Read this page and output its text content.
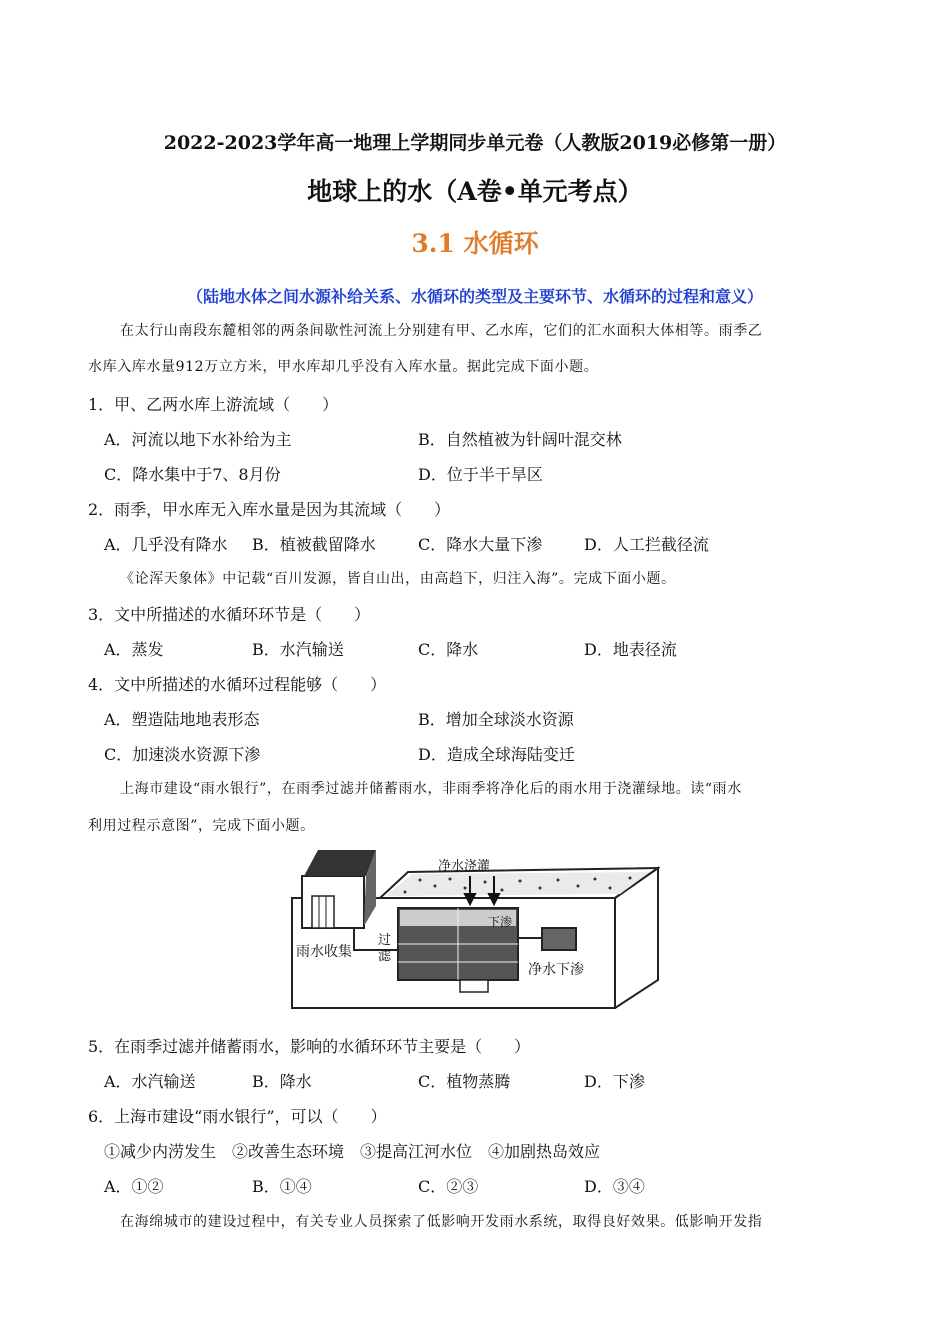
2022-2023学年高一地理上学期同步单元卷（人教版2019必修第一册）
地球上的水（A卷•单元考点）
3.1 水循环
（陆地水体之间水源补给关系、水循环的类型及主要环节、水循环的过程和意义）
在太行山南段东麓相邻的两条间歇性河流上分别建有甲、乙水库，它们的汇水面积大体相等。雨季乙
水库入库水量912万立方米，甲水库却几乎没有入库水量。据此完成下面小题。
1．甲、乙两水库上游流域（　　）
A．河流以地下水补给为主	B．自然植被为针阔叶混交林
C．降水集中于7、8月份	D．位于半干旱区
2．雨季，甲水库无入库水量是因为其流域（　　）
A．几乎没有降水 B．植被截留降水	C．降水大量下渗	D．人工拦截径流
《论浑天象体》中记载“百川发源，皆自山出，由高趋下，归注入海”。完成下面小题。
3．文中所描述的水循环环节是（　　）
A．蒸发	B．水汽输送	C．降水	D．地表径流
4．文中所描述的水循环过程能够（　　）
A．塑造陆地地表形态	B．增加全球淡水资源
C．加速淡水资源下渗	D．造成全球海陆变迁
上海市建设“雨水银行”，在雨季过滤并储蓄雨水，非雨季将净化后的雨水用于浇灌绿地。读“雨水
利用过程示意图”，完成下面小题。
净水浇灌
下渗
雨水收集
过
滤
净水下渗
5．在雨季过滤并储蓄雨水，影响的水循环环节主要是（　　）
A．水汽输送	B．降水	C．植物蒸腾	D．下渗
6．上海市建设“雨水银行”，可以（　　）
①减少内涝发生　②改善生态环境　③提高江河水位　④加剧热岛效应
A．①②	B．①④	C．②③	D．③④
在海绵城市的建设过程中，有关专业人员探索了低影响开发雨水系统，取得良好效果。低影响开发指
